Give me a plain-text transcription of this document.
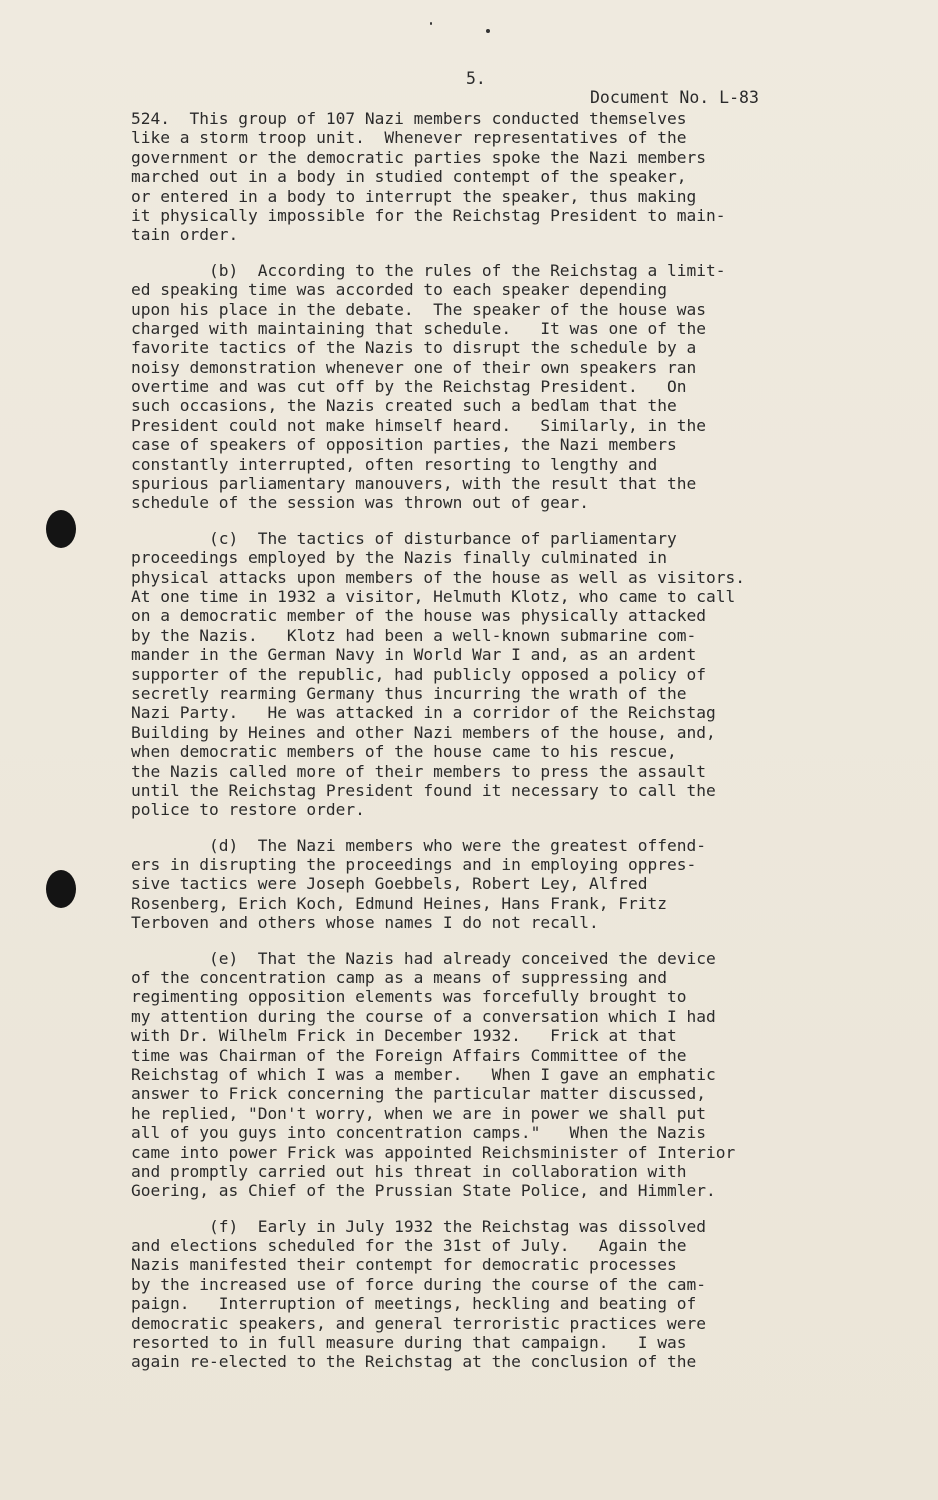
5.

Document No. L-83

524.  This group of 107 Nazi members conducted themselves
like a storm troop unit.  Whenever representatives of the
government or the democratic parties spoke the Nazi members
marched out in a body in studied contempt of the speaker,
or entered in a body to interrupt the speaker, thus making
it physically impossible for the Reichstag President to main-
tain order.
(b)  According to the rules of the Reichstag a limit-
ed speaking time was accorded to each speaker depending
upon his place in the debate.  The speaker of the house was
charged with maintaining that schedule.   It was one of the
favorite tactics of the Nazis to disrupt the schedule by a
noisy demonstration whenever one of their own speakers ran
overtime and was cut off by the Reichstag President.   On
such occasions, the Nazis created such a bedlam that the
President could not make himself heard.   Similarly, in the
case of speakers of opposition parties, the Nazi members
constantly interrupted, often resorting to lengthy and
spurious parliamentary manouvers, with the result that the
schedule of the session was thrown out of gear.
(c)  The tactics of disturbance of parliamentary
proceedings employed by the Nazis finally culminated in
physical attacks upon members of the house as well as visitors.
At one time in 1932 a visitor, Helmuth Klotz, who came to call
on a democratic member of the house was physically attacked
by the Nazis.   Klotz had been a well-known submarine com-
mander in the German Navy in World War I and, as an ardent
supporter of the republic, had publicly opposed a policy of
secretly rearming Germany thus incurring the wrath of the
Nazi Party.   He was attacked in a corridor of the Reichstag
Building by Heines and other Nazi members of the house, and,
when democratic members of the house came to his rescue,
the Nazis called more of their members to press the assault
until the Reichstag President found it necessary to call the
police to restore order.
(d)  The Nazi members who were the greatest offend-
ers in disrupting the proceedings and in employing oppres-
sive tactics were Joseph Goebbels, Robert Ley, Alfred
Rosenberg, Erich Koch, Edmund Heines, Hans Frank, Fritz
Terboven and others whose names I do not recall.
(e)  That the Nazis had already conceived the device
of the concentration camp as a means of suppressing and
regimenting opposition elements was forcefully brought to
my attention during the course of a conversation which I had
with Dr. Wilhelm Frick in December 1932.   Frick at that
time was Chairman of the Foreign Affairs Committee of the
Reichstag of which I was a member.   When I gave an emphatic
answer to Frick concerning the particular matter discussed,
he replied, "Don't worry, when we are in power we shall put
all of you guys into concentration camps."   When the Nazis
came into power Frick was appointed Reichsminister of Interior
and promptly carried out his threat in collaboration with
Goering, as Chief of the Prussian State Police, and Himmler.
(f)  Early in July 1932 the Reichstag was dissolved
and elections scheduled for the 31st of July.   Again the
Nazis manifested their contempt for democratic processes
by the increased use of force during the course of the cam-
paign.   Interruption of meetings, heckling and beating of
democratic speakers, and general terroristic practices were
resorted to in full measure during that campaign.   I was
again re-elected to the Reichstag at the conclusion of the
